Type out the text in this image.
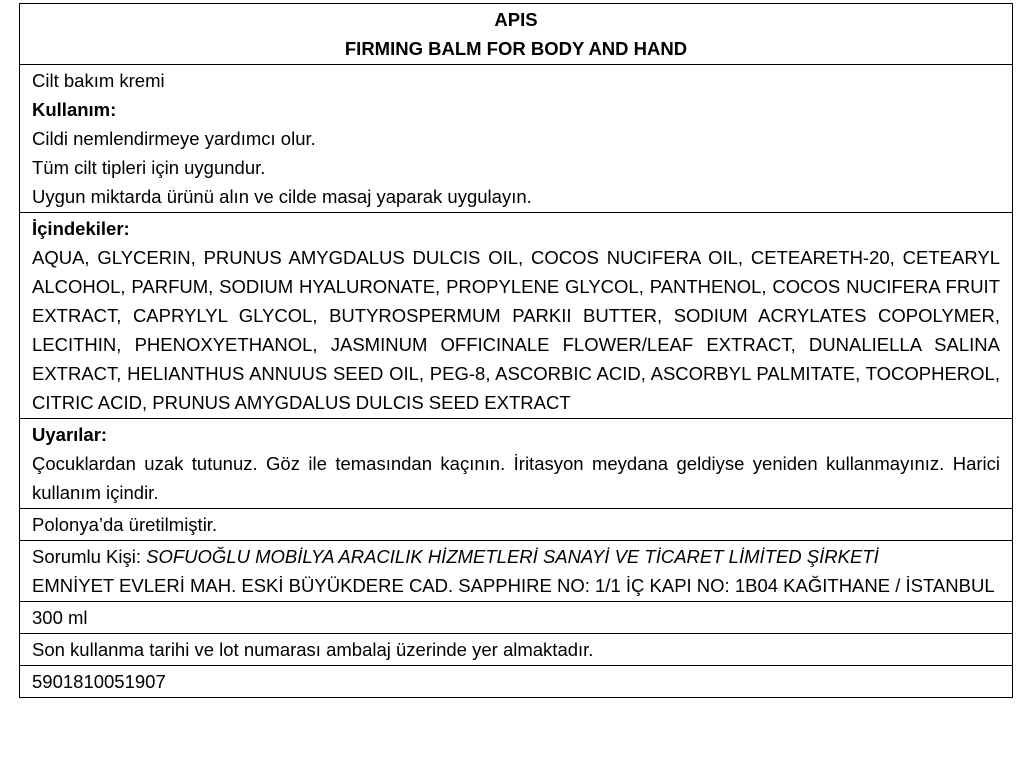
APIS
FIRMING BALM FOR BODY AND HAND

Cilt bakım kremi
Kullanım:
Cildi nemlendirmeye yardımcı olur.
Tüm cilt tipleri için uygundur.
Uygun miktarda ürünü alın ve cilde masaj yaparak uygulayın.

İçindekiler:
AQUA, GLYCERIN, PRUNUS AMYGDALUS DULCIS OIL, COCOS NUCIFERA OIL, CETEARETH-20, CETEARYL ALCOHOL, PARFUM, SODIUM HYALURONATE, PROPYLENE GLYCOL, PANTHENOL, COCOS NUCIFERA FRUIT EXTRACT, CAPRYLYL GLYCOL, BUTYROSPERMUM PARKII BUTTER, SODIUM ACRYLATES COPOLYMER, LECITHIN, PHENOXYETHANOL, JASMINUM OFFICINALE FLOWER/LEAF EXTRACT, DUNALIELLA SALINA EXTRACT, HELIANTHUS ANNUUS SEED OIL, PEG-8, ASCORBIC ACID, ASCORBYL PALMITATE, TOCOPHEROL, CITRIC ACID, PRUNUS AMYGDALUS DULCIS SEED EXTRACT

Uyarılar:
Çocuklardan uzak tutunuz. Göz ile temasından kaçının. İritasyon meydana geldiyse yeniden kullanmayınız. Harici kullanım içindir.

Polonya’da üretilmiştir.

Sorumlu Kişi: SOFUOĞLU MOBİLYA ARACILIK HİZMETLERİ SANAYİ VE TİCARET LİMİTED ŞİRKETİ
EMNİYET EVLERİ MAH. ESKİ BÜYÜKDERE CAD. SAPPHIRE NO: 1/1 İÇ KAPI NO: 1B04 KAĞITHANE / İSTANBUL

300 ml

Son kullanma tarihi ve lot numarası ambalaj üzerinde yer almaktadır.

5901810051907
